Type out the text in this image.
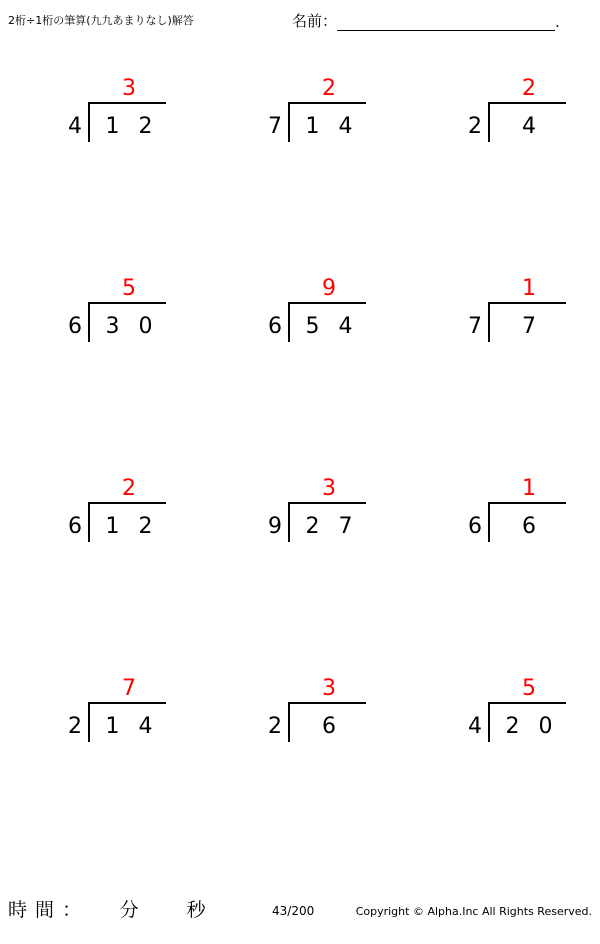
2桁÷1桁の筆算(九九あまりなし)解答	名前：	.
4	1 2
3
7	1 4
2
2	4
2
6	3 0
5
6	5 4
9
7	7
1
6	1 2
2
9	2 7
3
6	6
1
2	1 4
7
2	6
3
4	2 0
5
時 間 ：　　 分　　 秒	43/200	Copyright © Alpha.Inc All Rights Reserved.
